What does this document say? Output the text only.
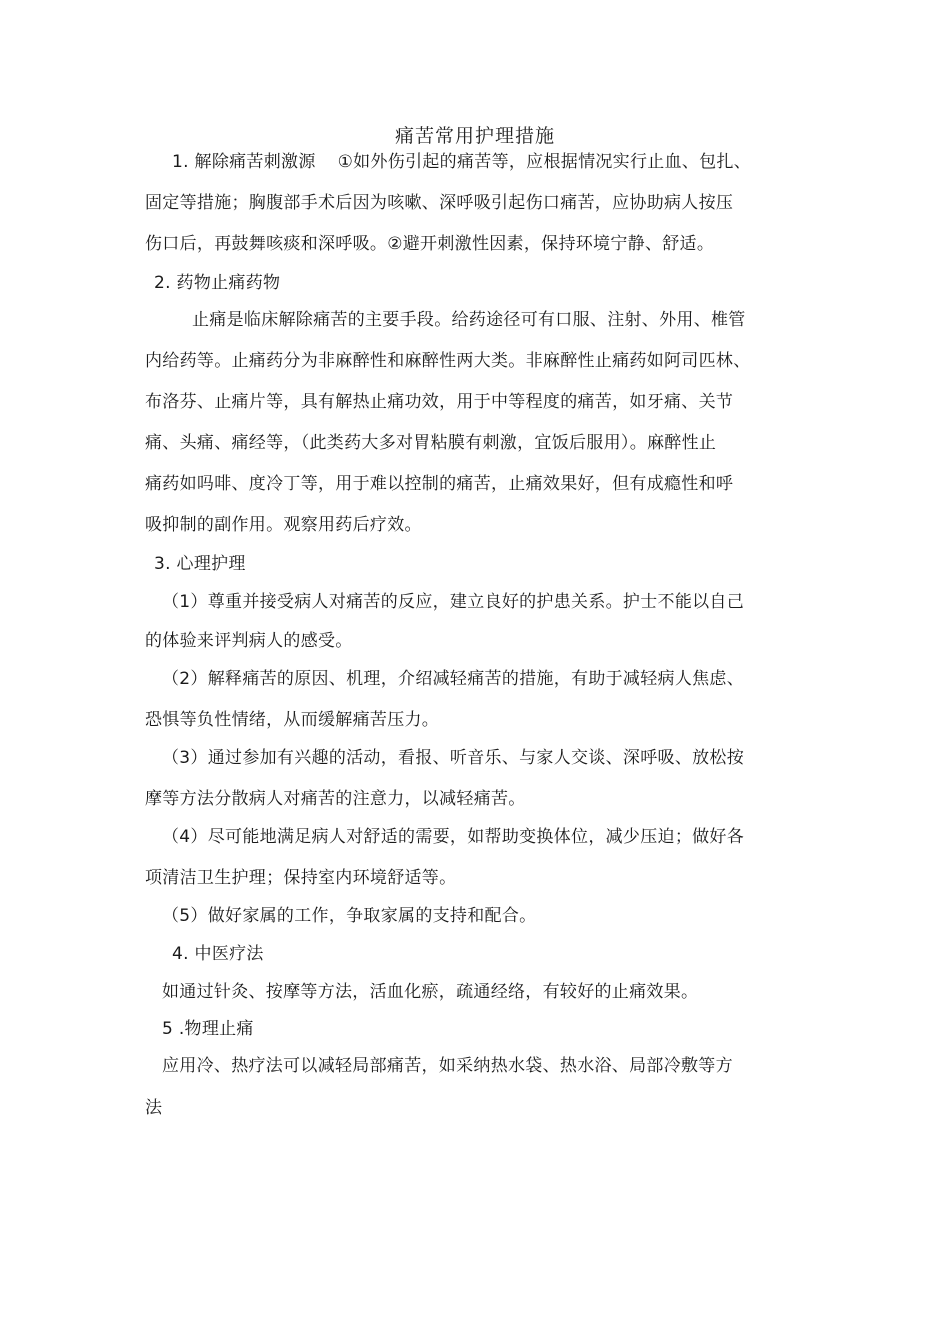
痛苦常用护理措施
1. 解除痛苦刺激源 ①如外伤引起的痛苦等，应根据情况实行止血、包扎、
固定等措施；胸腹部手术后因为咳嗽、深呼吸引起伤口痛苦，应协助病人按压
伤口后，再鼓舞咳痰和深呼吸。②避开刺激性因素，保持环境宁静、舒适。
2. 药物止痛药物
止痛是临床解除痛苦的主要手段。给药途径可有口服、注射、外用、椎管
内给药等。止痛药分为非麻醉性和麻醉性两大类。非麻醉性止痛药如阿司匹林、
布洛芬、止痛片等，具有解热止痛功效，用于中等程度的痛苦，如牙痛、关节
痛、头痛、痛经等，（此类药大多对胃粘膜有刺激，宜饭后服用）。麻醉性止
痛药如吗啡、度冷丁等，用于难以控制的痛苦，止痛效果好，但有成瘾性和呼
吸抑制的副作用。观察用药后疗效。
3. 心理护理
（1）尊重并接受病人对痛苦的反应，建立良好的护患关系。护士不能以自己
的体验来评判病人的感受。
（2）解释痛苦的原因、机理，介绍减轻痛苦的措施，有助于减轻病人焦虑、
恐惧等负性情绪，从而缓解痛苦压力。
（3）通过参加有兴趣的活动，看报、听音乐、与家人交谈、深呼吸、放松按
摩等方法分散病人对痛苦的注意力，以减轻痛苦。
（4）尽可能地满足病人对舒适的需要，如帮助变换体位，减少压迫；做好各
项清洁卫生护理；保持室内环境舒适等。
（5）做好家属的工作，争取家属的支持和配合。
4. 中医疗法
如通过针灸、按摩等方法，活血化瘀，疏通经络，有较好的止痛效果。
5 .物理止痛
应用冷、热疗法可以减轻局部痛苦，如采纳热水袋、热水浴、局部冷敷等方
法
